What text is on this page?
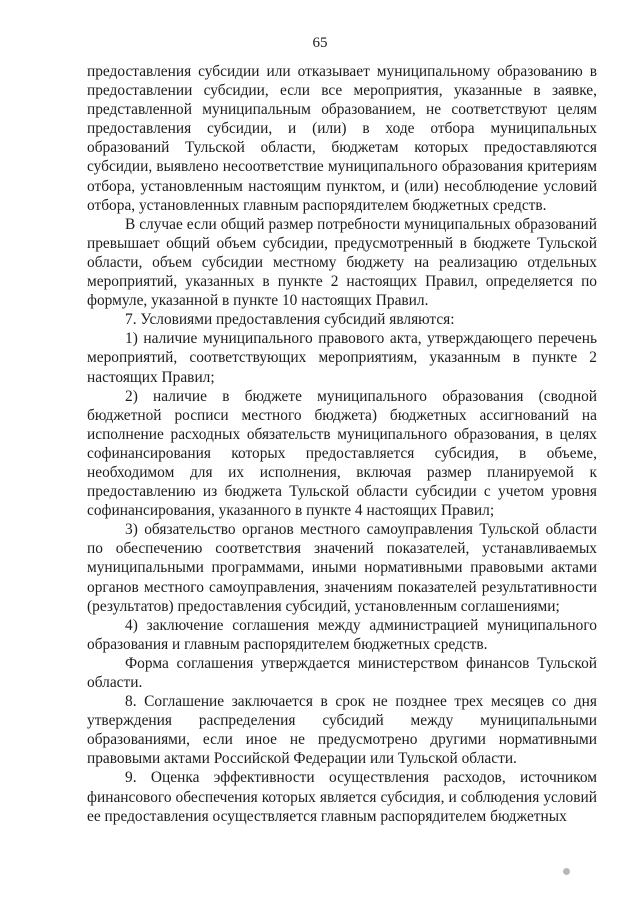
65

предоставления субсидии или отказывает муниципальному образованию в предоставлении субсидии, если все мероприятия, указанные в заявке, представленной муниципальным образованием, не соответствуют целям предоставления субсидии, и (или) в ходе отбора муниципальных образований Тульской области, бюджетам которых предоставляются субсидии, выявлено несоответствие муниципального образования критериям отбора, установленным настоящим пунктом, и (или) несоблюдение условий отбора, установленных главным распорядителем бюджетных средств.

В случае если общий размер потребности муниципальных образований превышает общий объем субсидии, предусмотренный в бюджете Тульской области, объем субсидии местному бюджету на реализацию отдельных мероприятий, указанных в пункте 2 настоящих Правил, определяется по формуле, указанной в пункте 10 настоящих Правил.

7. Условиями предоставления субсидий являются:

1) наличие муниципального правового акта, утверждающего перечень мероприятий, соответствующих мероприятиям, указанным в пункте 2 настоящих Правил;

2) наличие в бюджете муниципального образования (сводной бюджетной росписи местного бюджета) бюджетных ассигнований на исполнение расходных обязательств муниципального образования, в целях софинансирования которых предоставляется субсидия, в объеме, необходимом для их исполнения, включая размер планируемой к предоставлению из бюджета Тульской области субсидии с учетом уровня софинансирования, указанного в пункте 4 настоящих Правил;

3) обязательство органов местного самоуправления Тульской области по обеспечению соответствия значений показателей, устанавливаемых муниципальными программами, иными нормативными правовыми актами органов местного самоуправления, значениям показателей результативности (результатов) предоставления субсидий, установленным соглашениями;

4) заключение соглашения между администрацией муниципального образования и главным распорядителем бюджетных средств.

Форма соглашения утверждается министерством финансов Тульской области.

8. Соглашение заключается в срок не позднее трех месяцев со дня утверждения распределения субсидий между муниципальными образованиями, если иное не предусмотрено другими нормативными правовыми актами Российской Федерации или Тульской области.

9. Оценка эффективности осуществления расходов, источником финансового обеспечения которых является субсидия, и соблюдения условий ее предоставления осуществляется главным распорядителем бюджетных
